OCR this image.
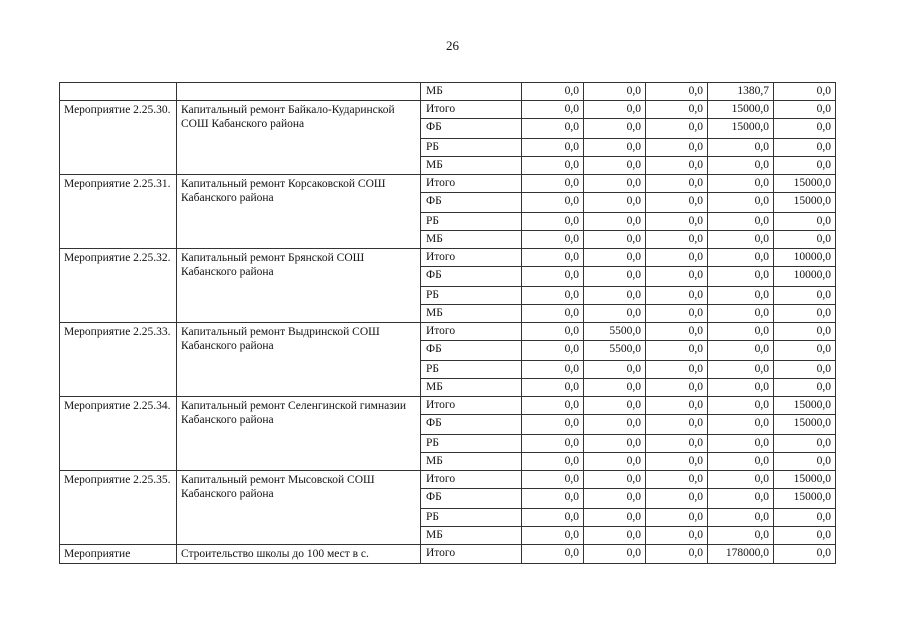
26
		МБ	0,0	0,0	0,0	1380,7	0,0
Мероприятие 2.25.30.	Капитальный ремонт Байкало-Кударинской СОШ Кабанского района	Итого	0,0	0,0	0,0	15000,0	0,0
		ФБ	0,0	0,0	0,0	15000,0	0,0
		РБ	0,0	0,0	0,0	0,0	0,0
		МБ	0,0	0,0	0,0	0,0	0,0
Мероприятие 2.25.31.	Капитальный ремонт Корсаковской СОШ Кабанского района	Итого	0,0	0,0	0,0	0,0	15000,0
		ФБ	0,0	0,0	0,0	0,0	15000,0
		РБ	0,0	0,0	0,0	0,0	0,0
		МБ	0,0	0,0	0,0	0,0	0,0
Мероприятие 2.25.32.	Капитальный ремонт Брянской СОШ Кабанского района	Итого	0,0	0,0	0,0	0,0	10000,0
		ФБ	0,0	0,0	0,0	0,0	10000,0
		РБ	0,0	0,0	0,0	0,0	0,0
		МБ	0,0	0,0	0,0	0,0	0,0
Мероприятие 2.25.33.	Капитальный ремонт Выдринской СОШ Кабанского района	Итого	0,0	5500,0	0,0	0,0	0,0
		ФБ	0,0	5500,0	0,0	0,0	0,0
		РБ	0,0	0,0	0,0	0,0	0,0
		МБ	0,0	0,0	0,0	0,0	0,0
Мероприятие 2.25.34.	Капитальный ремонт Селенгинской гимназии Кабанского района	Итого	0,0	0,0	0,0	0,0	15000,0
		ФБ	0,0	0,0	0,0	0,0	15000,0
		РБ	0,0	0,0	0,0	0,0	0,0
		МБ	0,0	0,0	0,0	0,0	0,0
Мероприятие 2.25.35.	Капитальный ремонт Мысовской СОШ Кабанского района	Итого	0,0	0,0	0,0	0,0	15000,0
		ФБ	0,0	0,0	0,0	0,0	15000,0
		РБ	0,0	0,0	0,0	0,0	0,0
		МБ	0,0	0,0	0,0	0,0	0,0
Мероприятие	Строительство школы до 100 мест в с.	Итого	0,0	0,0	0,0	178000,0	0,0
